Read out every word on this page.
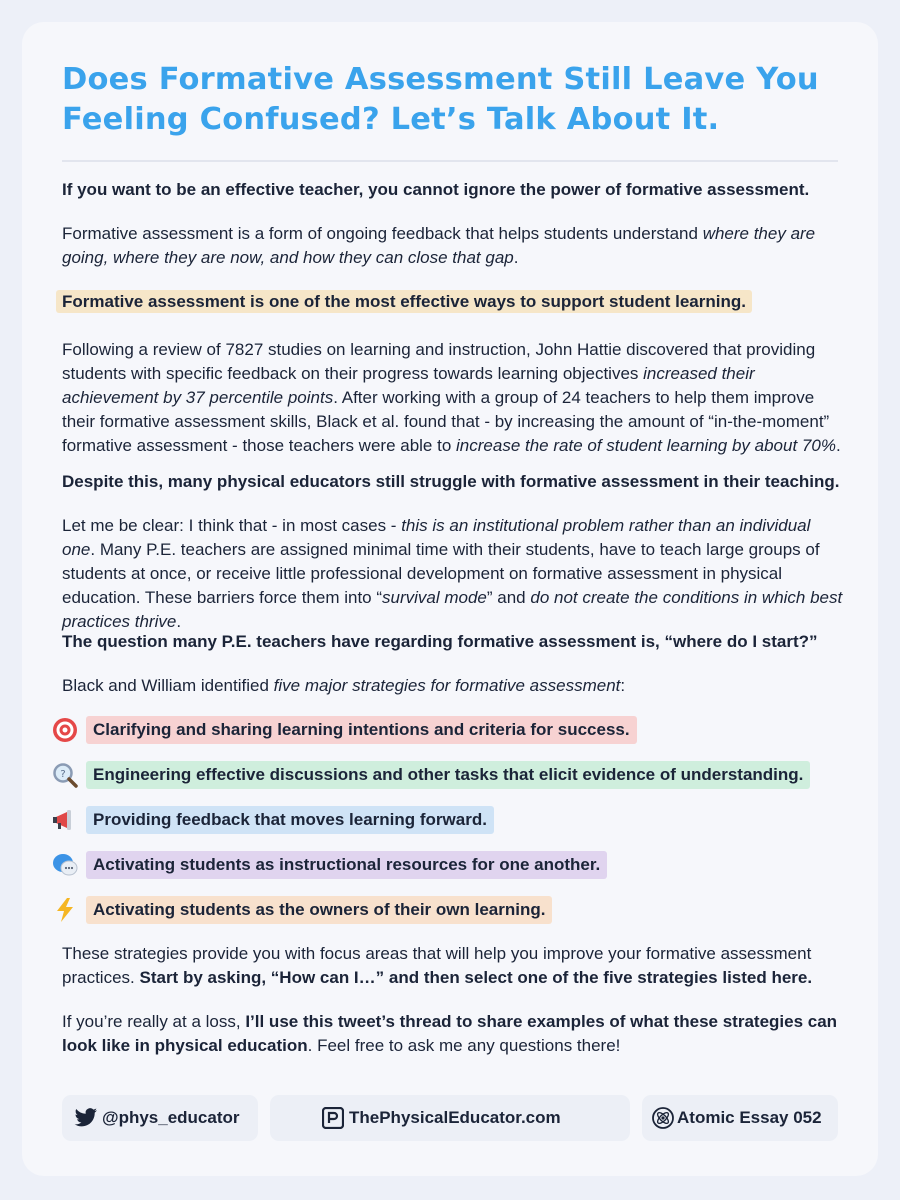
Does Formative Assessment Still Leave You Feeling Confused? Let’s Talk About It.

If you want to be an effective teacher, you cannot ignore the power of formative assessment.

Formative assessment is a form of ongoing feedback that helps students understand where they are going, where they are now, and how they can close that gap.

Formative assessment is one of the most effective ways to support student learning.

Following a review of 7827 studies on learning and instruction, John Hattie discovered that providing students with specific feedback on their progress towards learning objectives increased their achievement by 37 percentile points. After working with a group of 24 teachers to help them improve their formative assessment skills, Black et al. found that - by increasing the amount of “in-the-moment” formative assessment - those teachers were able to increase the rate of student learning by about 70%.

Despite this, many physical educators still struggle with formative assessment in their teaching.

Let me be clear: I think that - in most cases - this is an institutional problem rather than an individual one. Many P.E. teachers are assigned minimal time with their students, have to teach large groups of students at once, or receive little professional development on formative assessment in physical education. These barriers force them into “survival mode” and do not create the conditions in which best practices thrive.

The question many P.E. teachers have regarding formative assessment is, “where do I start?”

Black and William identified five major strategies for formative assessment:

Clarifying and sharing learning intentions and criteria for success.
?	Engineering effective discussions and other tasks that elicit evidence of understanding.
Providing feedback that moves learning forward.
Activating students as instructional resources for one another.
Activating students as the owners of their own learning.

These strategies provide you with focus areas that will help you improve your formative assessment practices. Start by asking, “How can I…” and then select one of the five strategies listed here.

If you’re really at a loss, I’ll use this tweet’s thread to share examples of what these strategies can look like in physical education. Feel free to ask me any questions there!

@phys_educator	ThePhysicalEducator.com	Atomic Essay 052
